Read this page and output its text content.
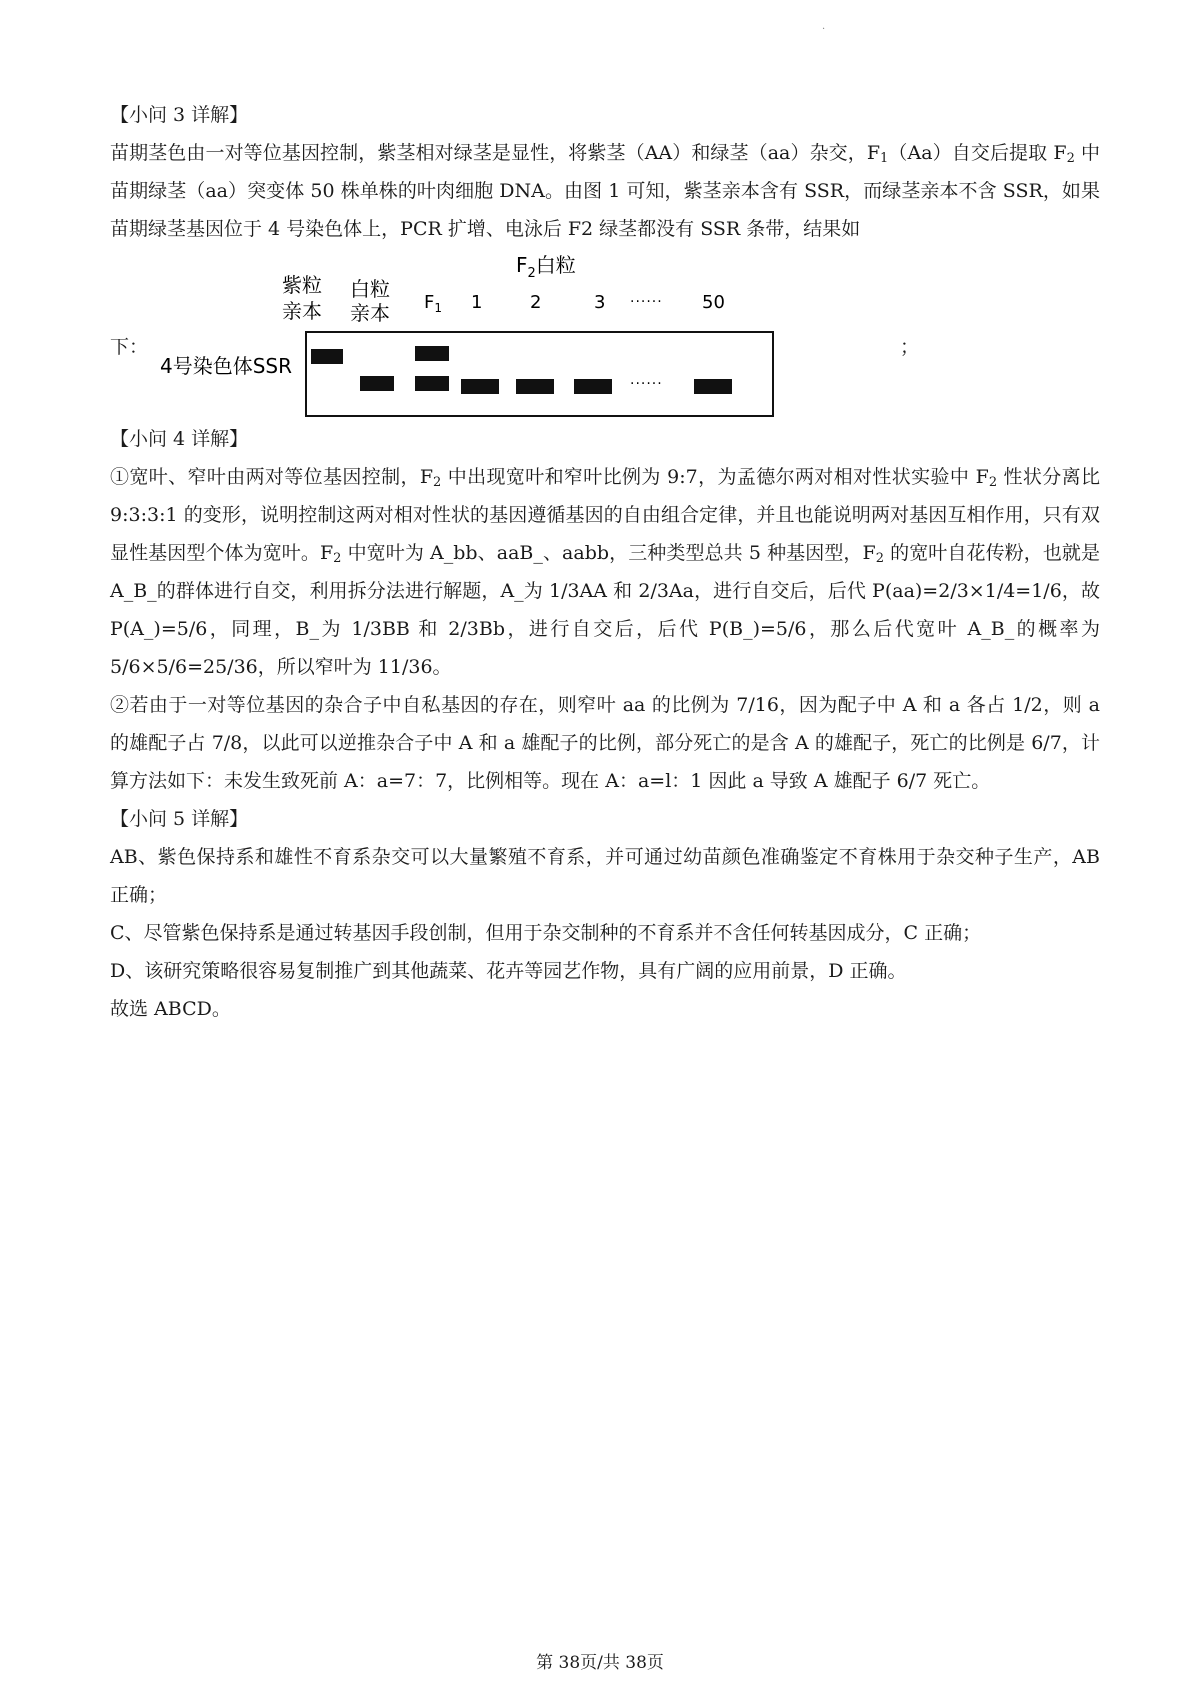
·

【小问 3 详解】

苗期茎色由一对等位基因控制，紫茎相对绿茎是显性，将紫茎（AA）和绿茎（aa）杂交，$F_1(Aa)$自交后提取 $F_2$ 中苗期绿茎（aa）突变体 50 株单株的叶肉细胞 DNA。由图 1 可知，紫茎亲本含有 SSR，而绿茎亲本不含 SSR，如果苗期绿茎基因位于 4 号染色体上，PCR 扩增、电泳后 F2 绿茎都没有 SSR 条带，结果如

下：
$F_2$白粒
紫粒
亲本
白粒
亲本 $F_1$ 1	2	3 ······ 50
4号染色体SSR
······
；

【小问 4 详解】

①宽叶、窄叶由两对等位基因控制，$F_2$ 中出现宽叶和窄叶比例为 9:7，为孟德尔两对相对性状实验中 $F_2$ 性状分离比 9:3:3:1 的变形，说明控制这两对相对性状的基因遵循基因的自由组合定律，并且也能说明两对基因互相作用，只有双显性基因型个体为宽叶。$F_2$ 中宽叶为 A_bb、aaB_、aabb，三种类型总共 5 种基因型，$F_2$ 的宽叶自花传粉，也就是 A_B_的群体进行自交，利用拆分法进行解题，A_为 1/3AA 和 2/3Aa，进行自交后，后代 P(aa)=2/3×1/4=1/6，故 P(A_)=5/6，同理，B_为 1/3BB 和 2/3Bb，进行自交后，后代 P(B_)=5/6，那么后代宽叶 A_B_的概率为 5/6×5/6=25/36，所以窄叶为 11/36。

②若由于一对等位基因的杂合子中自私基因的存在，则窄叶 aa 的比例为 7/16，因为配子中 A 和 a 各占 1/2，则 a 的雄配子占 7/8，以此可以逆推杂合子中 A 和 a 雄配子的比例，部分死亡的是含 A 的雄配子，死亡的比例是 6/7，计算方法如下：未发生致死前 A：a=7：7，比例相等。现在 A：a=l：1 因此 a 导致 A 雄配子 6/7 死亡。

【小问 5 详解】

AB、紫色保持系和雄性不育系杂交可以大量繁殖不育系，并可通过幼苗颜色准确鉴定不育株用于杂交种子生产，AB 正确；

C、尽管紫色保持系是通过转基因手段创制，但用于杂交制种的不育系并不含任何转基因成分，C 正确；

D、该研究策略很容易复制推广到其他蔬菜、花卉等园艺作物，具有广阔的应用前景，D 正确。

故选 ABCD。

第 38页/共 38页
